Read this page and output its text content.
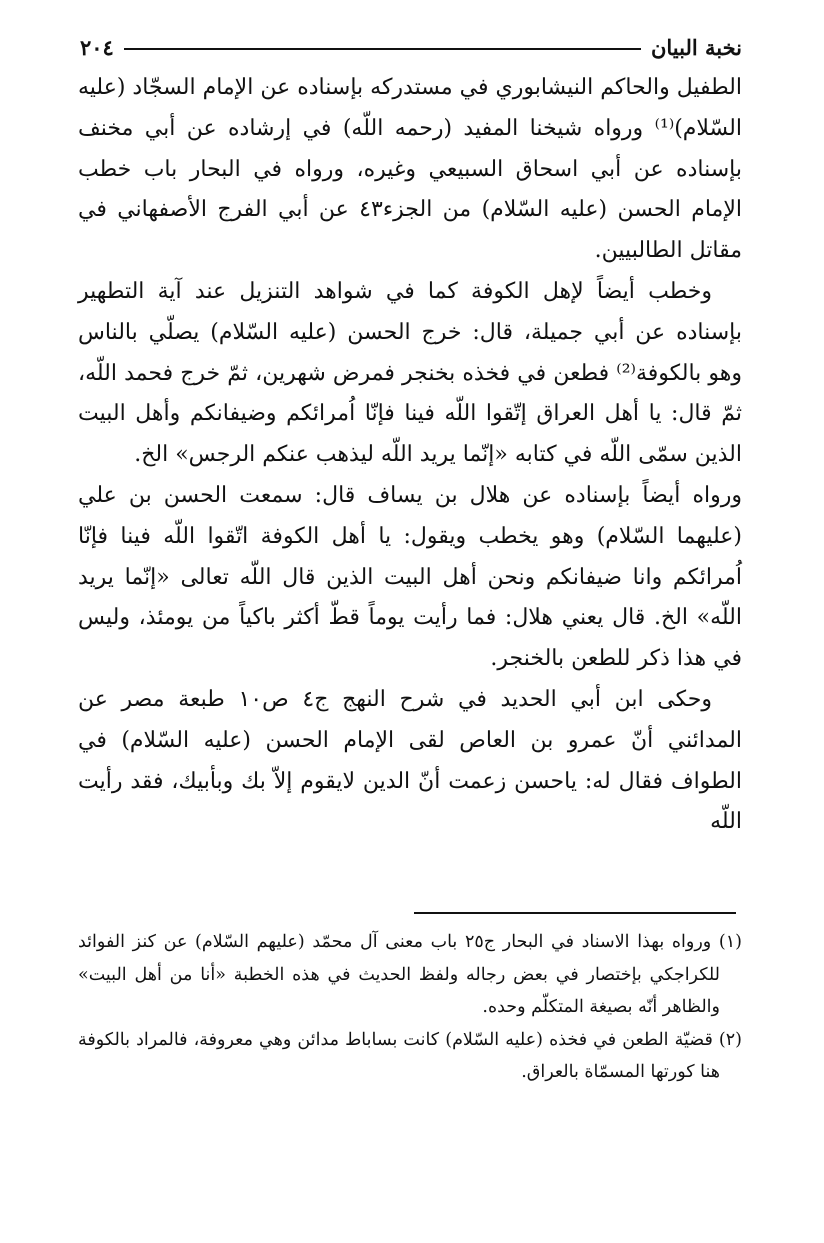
٢٠٤	نخبة البيان

الطفيل والحاكم النيشابوري في مستدركه بإسناده عن الإمام السجّاد (عليه السّلام)⁽¹⁾ ورواه شيخنا المفيد (رحمه اللّه) في إرشاده عن أبي مخنف بإسناده عن أبي اسحاق السبيعي وغيره، ورواه في البحار باب خطب الإمام الحسن (عليه السّلام) من الجزء٤٣ عن أبي الفرج الأصفهاني في مقاتل الطالبيين.

وخطب أيضاً لإهل الكوفة كما في شواهد التنزيل عند آية التطهير بإسناده عن أبي جميلة، قال: خرج الحسن (عليه السّلام) يصلّي بالناس وهو بالكوفة⁽²⁾ فطعن في فخذه بخنجر فمرض شهرين، ثمّ خرج فحمد اللّه، ثمّ قال: يا أهل العراق إتّقوا اللّه فينا فإنّا اُمرائكم وضيفانكم وأهل البيت الذين سمّى اللّه في كتابه «إنّما يريد اللّه ليذهب عنكم الرجس» الخ.

ورواه أيضاً بإسناده عن هلال بن يساف قال: سمعت الحسن بن علي (عليهما السّلام) وهو يخطب ويقول: يا أهل الكوفة اتّقوا اللّه فينا فإنّا اُمرائكم وانا ضيفانكم ونحن أهل البيت الذين قال اللّه تعالى «إنّما يريد اللّه» الخ. قال يعني هلال: فما رأيت يوماً قطّ أكثر باكياً من يومئذ، وليس في هذا ذكر للطعن بالخنجر.

وحكى ابن أبي الحديد في شرح النهج ج٤ ص١٠ طبعة مصر عن المدائني أنّ عمرو بن العاص لقى الإمام الحسن (عليه السّلام) في الطواف فقال له: ياحسن زعمت أنّ الدين لايقوم إلاّ بك وبأبيك، فقد رأيت اللّه

(١) ورواه بهذا الاسناد في البحار ج٢٥ باب معنى آل محمّد (عليهم السّلام) عن كنز الفوائد للكراجكي بإختصار في بعض رجاله ولفظ الحديث في هذه الخطبة «أنا من أهل البيت» والظاهر أنّه بصيغة المتكلّم وحده.

(٢) قضيّة الطعن في فخذه (عليه السّلام) كانت بساباط مدائن وهي معروفة، فالمراد بالكوفة هنا كورتها المسمّاة بالعراق.
